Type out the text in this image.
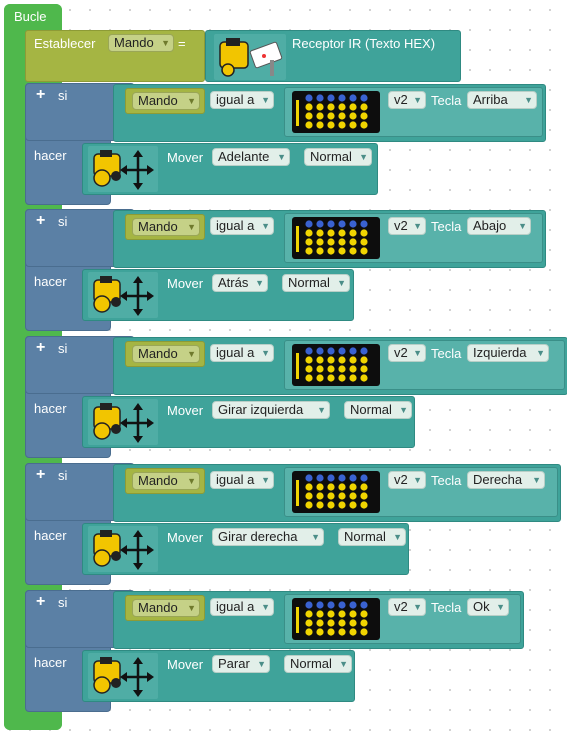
Bucle
Establecer	Mando ▼ =	Receptor IR (Texto HEX)
+ si
hacer
Mando ▼	igual a ▼	v2 ▼ Tecla Arriba ▼
Mover	Adelante ▼	Normal ▼
+ si
hacer
Mando ▼	igual a ▼	v2 ▼ Tecla Abajo ▼
Mover	Atrás ▼	Normal ▼
+ si
hacer
Mando ▼	igual a ▼	v2 ▼ Tecla Izquierda ▼
Mover	Girar izquierda ▼	Normal ▼
+ si
hacer
Mando ▼	igual a ▼	v2 ▼ Tecla Derecha ▼
Mover	Girar derecha ▼	Normal ▼
+ si
hacer
Mando ▼	igual a ▼	v2 ▼ Tecla Ok ▼
Mover	Parar ▼	Normal ▼
